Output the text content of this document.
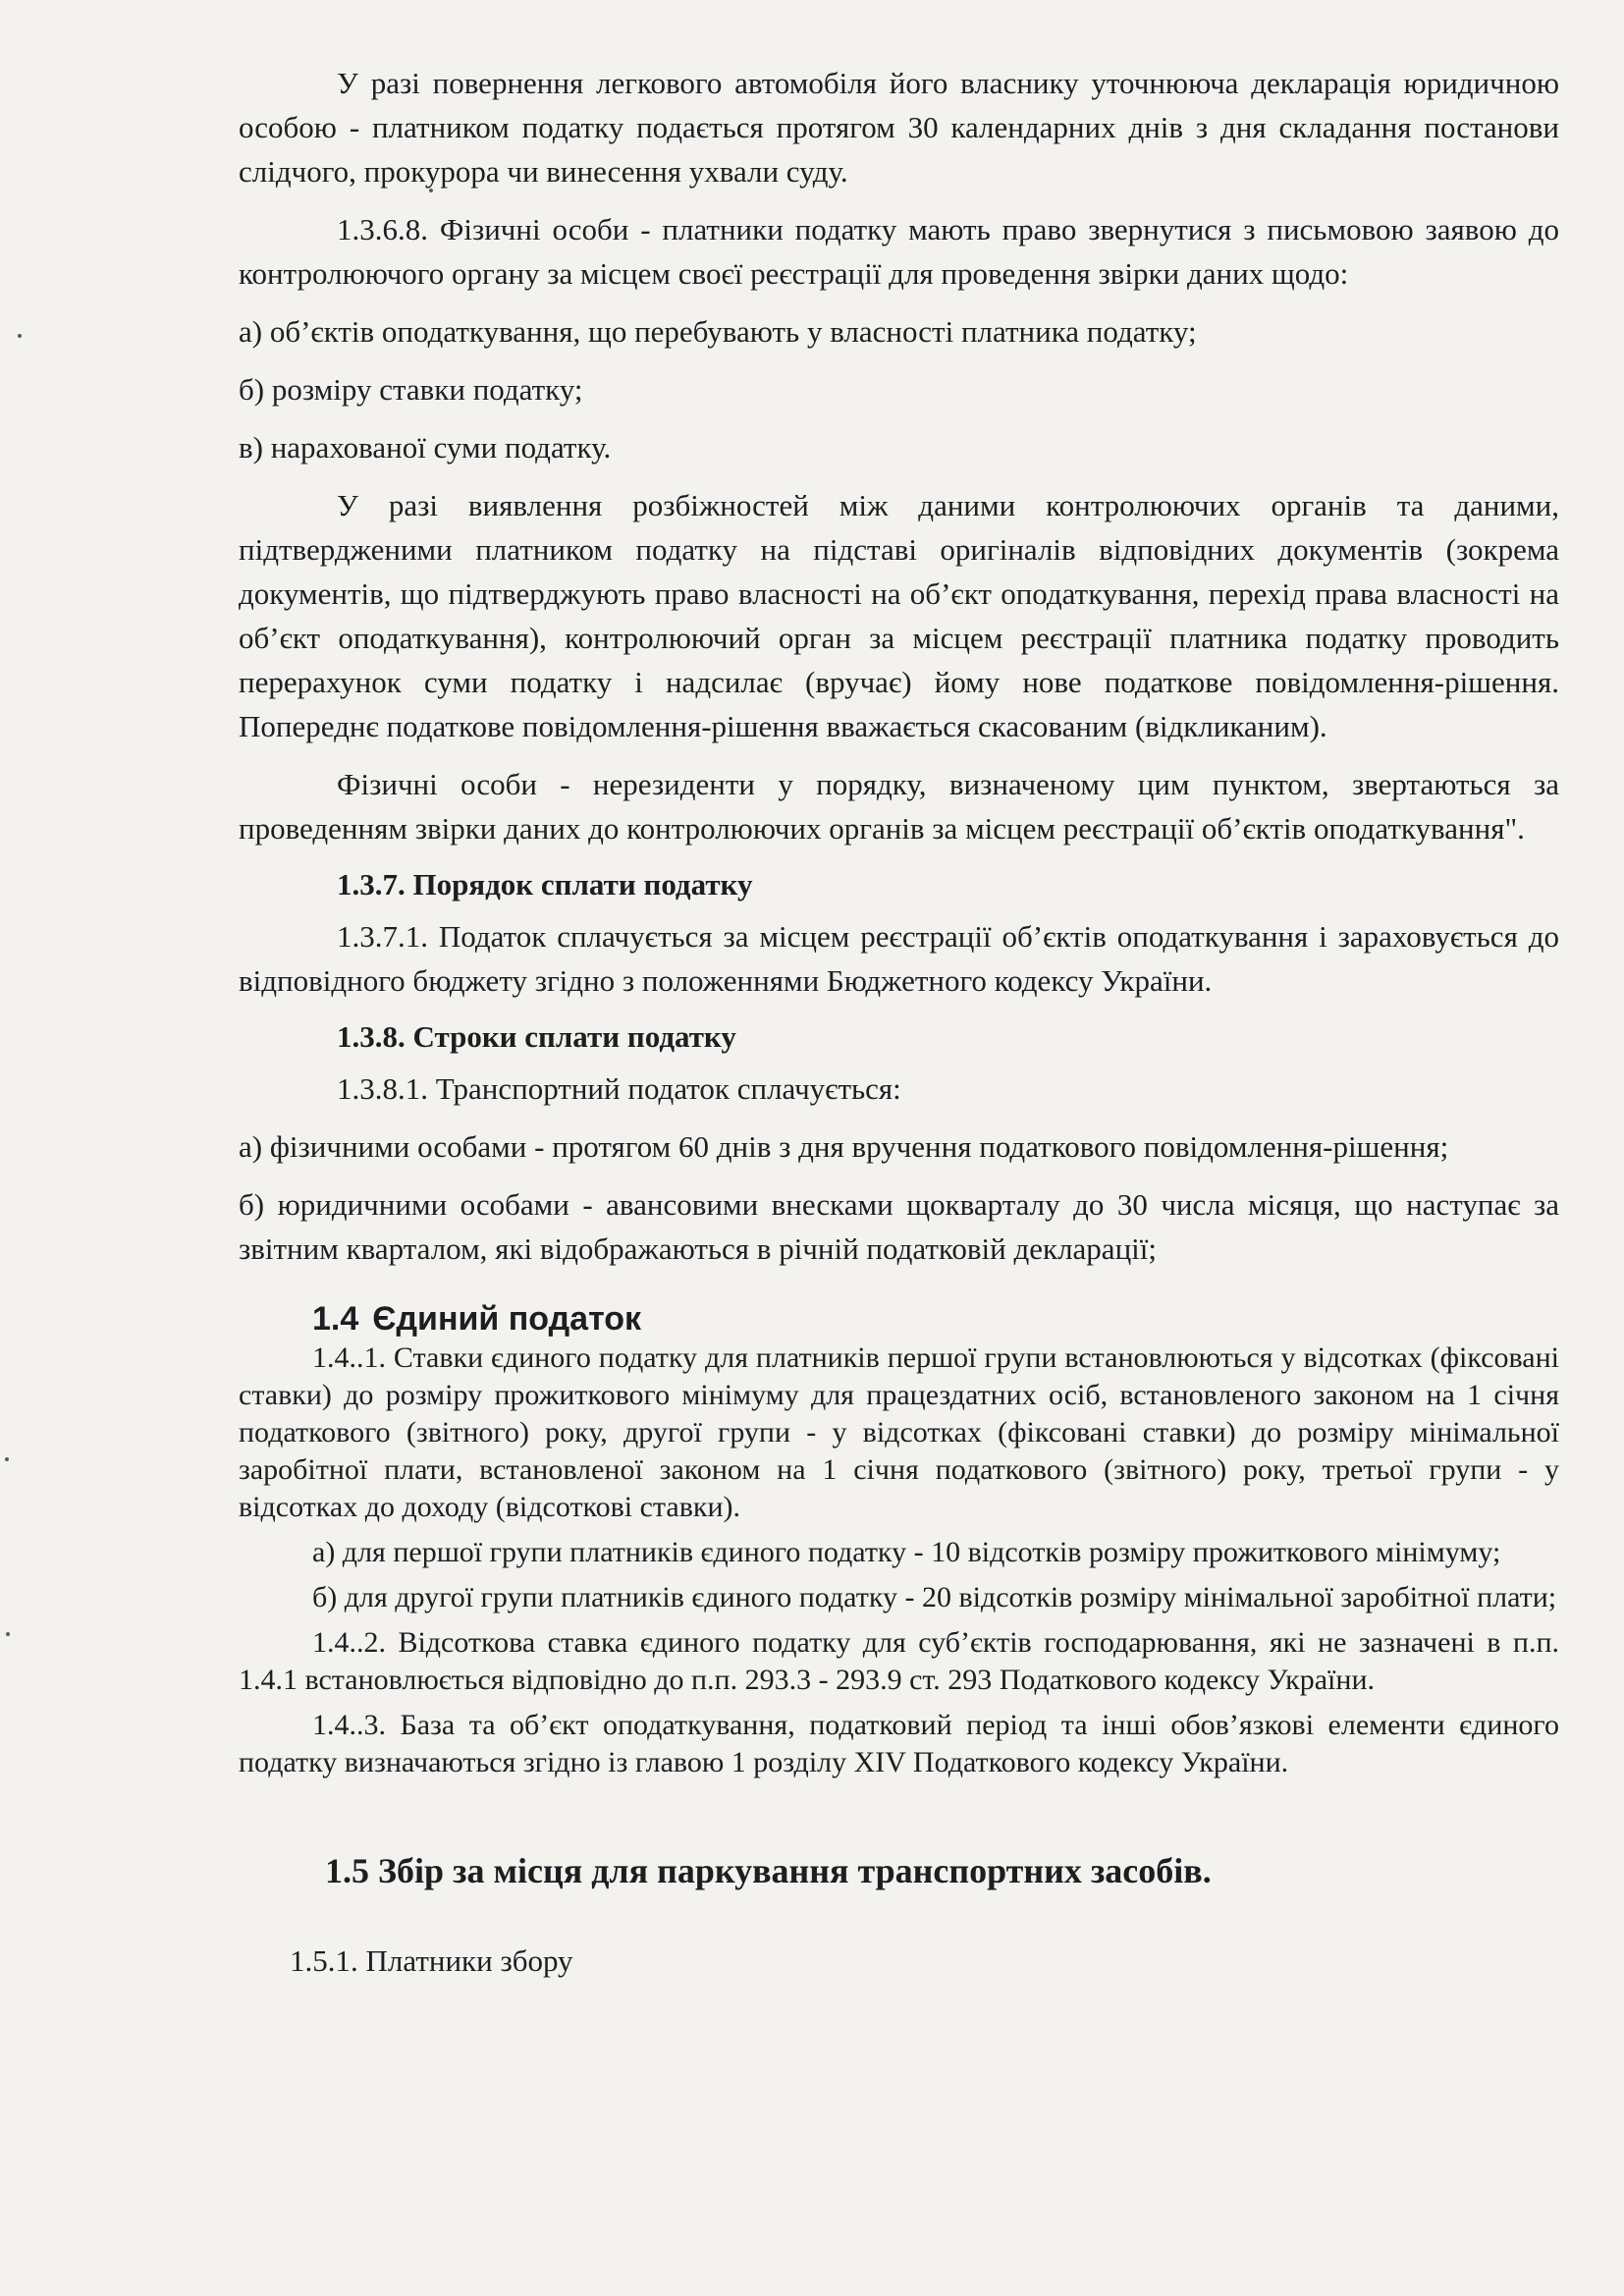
У разі повернення легкового автомобіля його власнику уточнююча декларація юридичною особою - платником податку подається протягом 30 календарних днів з дня складання постанови слідчого, прокурора чи винесення ухвали суду.

1.3.6.8. Фізичні особи - платники податку мають право звернутися з письмовою заявою до контролюючого органу за місцем своєї реєстрації для проведення звірки даних щодо:

а) об’єктів оподаткування, що перебувають у власності платника податку;

б) розміру ставки податку;

в) нарахованої суми податку.

У разі виявлення розбіжностей між даними контролюючих органів та даними, підтвердженими платником податку на підставі оригіналів відповідних документів (зокрема документів, що підтверджують право власності на об’єкт оподаткування, перехід права власності на об’єкт оподаткування), контролюючий орган за місцем реєстрації платника податку проводить перерахунок суми податку і надсилає (вручає) йому нове податкове повідомлення-рішення. Попереднє податкове повідомлення-рішення вважається скасованим (відкликаним).

Фізичні особи - нерезиденти у порядку, визначеному цим пунктом, звертаються за проведенням звірки даних до контролюючих органів за місцем реєстрації об’єктів оподаткування".

1.3.7. Порядок сплати податку

1.3.7.1. Податок сплачується за місцем реєстрації об’єктів оподаткування і зараховується до відповідного бюджету згідно з положеннями Бюджетного кодексу України.

1.3.8. Строки сплати податку

1.3.8.1. Транспортний податок сплачується:

а) фізичними особами - протягом 60 днів з дня вручення податкового повідомлення-рішення;

б) юридичними особами - авансовими внесками щокварталу до 30 числа місяця, що наступає за звітним кварталом, які відображаються в річній податковій декларації;

1.4 Єдиний податок

1.4..1. Ставки єдиного податку для платників першої групи встановлюються у відсотках (фіксовані ставки) до розміру прожиткового мінімуму для працездатних осіб, встановленого законом на 1 січня податкового (звітного) року, другої групи - у відсотках (фіксовані ставки) до розміру мінімальної заробітної плати, встановленої законом на 1 січня податкового (звітного) року, третьої групи - у відсотках до доходу (відсоткові ставки).

а) для першої групи платників єдиного податку - 10 відсотків розміру прожиткового мінімуму;

б) для другої групи платників єдиного податку - 20 відсотків розміру мінімальної заробітної плати;

1.4..2. Відсоткова ставка єдиного податку для суб’єктів господарювання, які не зазначені в п.п. 1.4.1 встановлюється відповідно до п.п. 293.3 - 293.9 ст. 293 Податкового кодексу України.

1.4..3. База та об’єкт оподаткування, податковий період та інші обов’язкові елементи єдиного податку визначаються згідно із главою 1 розділу XIV Податкового кодексу України.

1.5 Збір за місця для паркування транспортних засобів.

1.5.1. Платники збору
